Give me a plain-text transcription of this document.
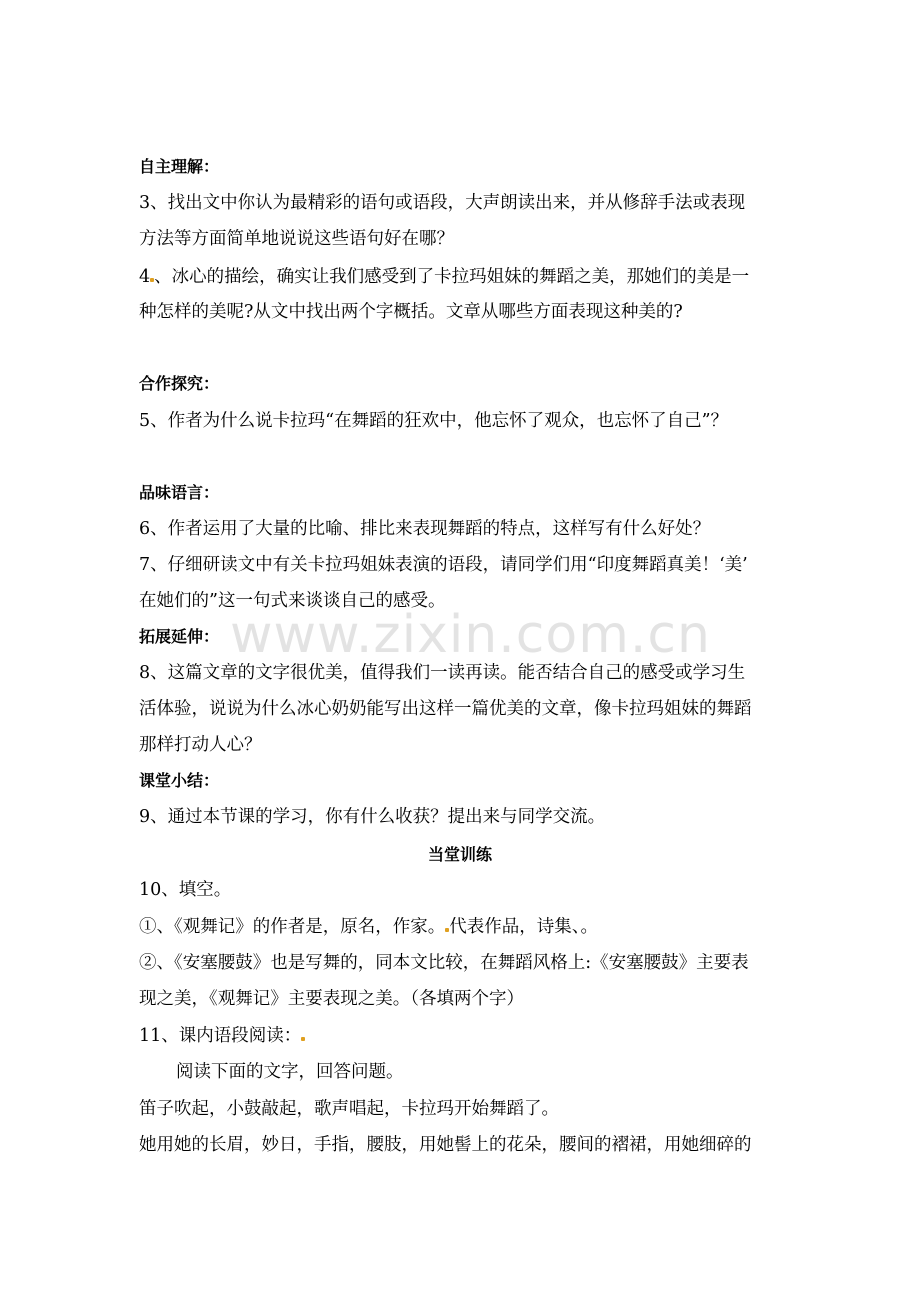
www.zixin.com.cn
自主理解：
3、找出文中你认为最精彩的语句或语段，大声朗读出来，并从修辞手法或表现
方法等方面简单地说说这些语句好在哪？
4 、冰心的描绘，确实让我们感受到了卡拉玛姐妹的舞蹈之美，那她们的美是一
种怎样的美呢?从文中找出两个字概括。文章从哪些方面表现这种美的?
合作探究：
5、作者为什么说卡拉玛“在舞蹈的狂欢中，他忘怀了观众，也忘怀了自己”？
品味语言：
6、作者运用了大量的比喻、排比来表现舞蹈的特点，这样写有什么好处？
7、仔细研读文中有关卡拉玛姐妹表演的语段，请同学们用“印度舞蹈真美！‘美’
在她们的”这一句式来谈谈自己的感受。
拓展延伸：
8、这篇文章的文字很优美，值得我们一读再读。能否结合自己的感受或学习生
活体验，说说为什么冰心奶奶能写出这样一篇优美的文章，像卡拉玛姐妹的舞蹈
那样打动人心？
课堂小结：
9、通过本节课的学习，你有什么收获？提出来与同学交流。
当堂训练
10、填空。
①、《观舞记》的作者是，原名，作家。 代表作品，诗集、。
②、《安塞腰鼓》也是写舞的，同本文比较，在舞蹈风格上:《安塞腰鼓》主要表
现之美，《观舞记》主要表现之美。（各填两个字）
11、课内语段阅读：
阅读下面的文字，回答问题。
笛子吹起，小鼓敲起，歌声唱起，卡拉玛开始舞蹈了。
她用她的长眉，妙日，手指，腰肢，用她髻上的花朵，腰间的褶裙，用她细碎的
